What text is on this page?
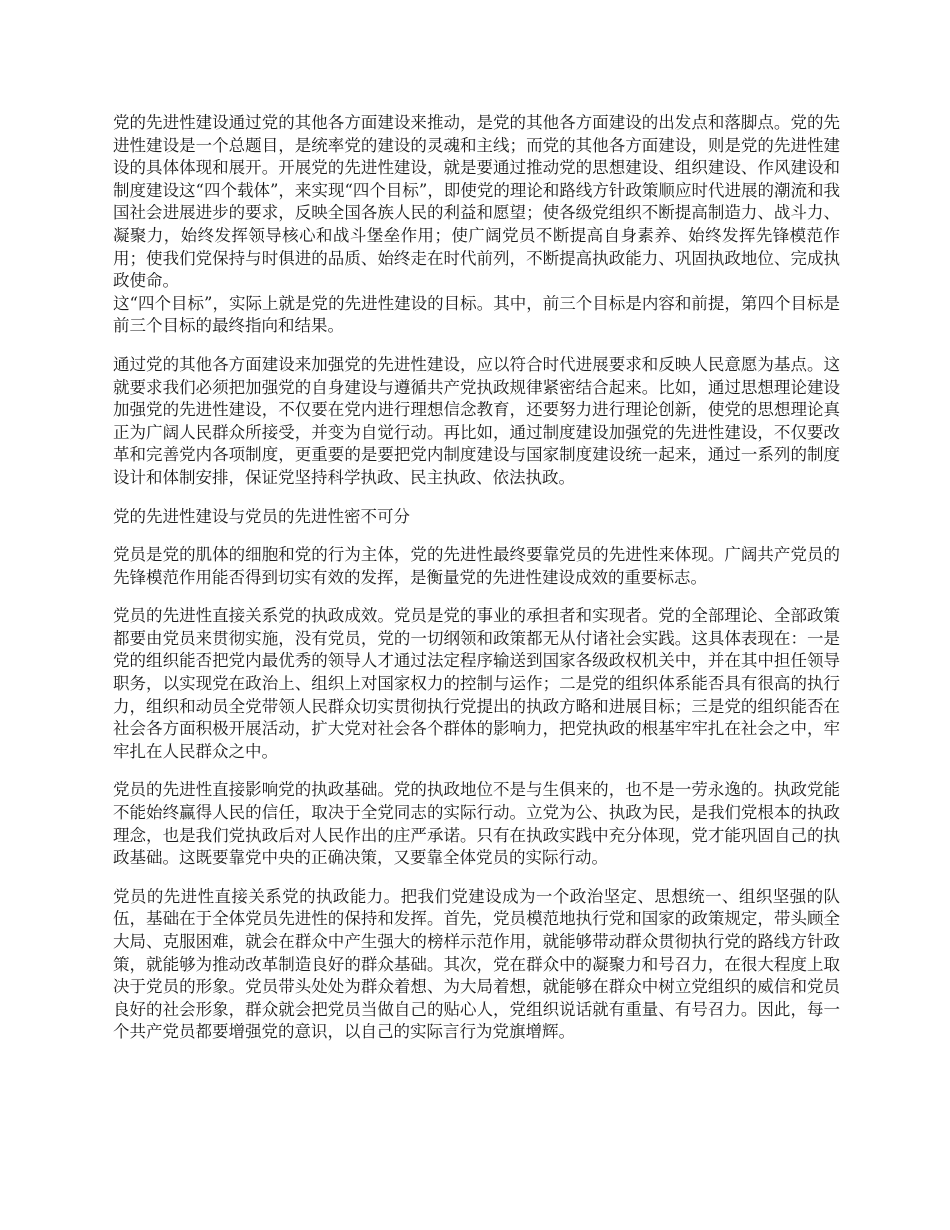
党的先进性建设通过党的其他各方面建设来推动，是党的其他各方面建设的出发点和落脚点。党的先进性建设是一个总题目，是统率党的建设的灵魂和主线；而党的其他各方面建设，则是党的先进性建设的具体体现和展开。开展党的先进性建设，就是要通过推动党的思想建设、组织建设、作风建设和制度建设这“四个载体”，来实现“四个目标”，即使党的理论和路线方针政策顺应时代进展的潮流和我国社会进展进步的要求，反映全国各族人民的利益和愿望；使各级党组织不断提高制造力、战斗力、凝聚力，始终发挥领导核心和战斗堡垒作用；使广阔党员不断提高自身素养、始终发挥先锋模范作用；使我们党保持与时俱进的品质、始终走在时代前列，不断提高执政能力、巩固执政地位、完成执政使命。
这“四个目标”，实际上就是党的先进性建设的目标。其中，前三个目标是内容和前提，第四个目标是前三个目标的最终指向和结果。

通过党的其他各方面建设来加强党的先进性建设，应以符合时代进展要求和反映人民意愿为基点。这就要求我们必须把加强党的自身建设与遵循共产党执政规律紧密结合起来。比如，通过思想理论建设加强党的先进性建设，不仅要在党内进行理想信念教育，还要努力进行理论创新，使党的思想理论真正为广阔人民群众所接受，并变为自觉行动。再比如，通过制度建设加强党的先进性建设，不仅要改革和完善党内各项制度，更重要的是要把党内制度建设与国家制度建设统一起来，通过一系列的制度设计和体制安排，保证党坚持科学执政、民主执政、依法执政。

党的先进性建设与党员的先进性密不可分

党员是党的肌体的细胞和党的行为主体，党的先进性最终要靠党员的先进性来体现。广阔共产党员的先锋模范作用能否得到切实有效的发挥，是衡量党的先进性建设成效的重要标志。

党员的先进性直接关系党的执政成效。党员是党的事业的承担者和实现者。党的全部理论、全部政策都要由党员来贯彻实施，没有党员，党的一切纲领和政策都无从付诸社会实践。这具体表现在：一是党的组织能否把党内最优秀的领导人才通过法定程序输送到国家各级政权机关中，并在其中担任领导职务，以实现党在政治上、组织上对国家权力的控制与运作；二是党的组织体系能否具有很高的执行力，组织和动员全党带领人民群众切实贯彻执行党提出的执政方略和进展目标；三是党的组织能否在社会各方面积极开展活动，扩大党对社会各个群体的影响力，把党执政的根基牢牢扎在社会之中，牢牢扎在人民群众之中。

党员的先进性直接影响党的执政基础。党的执政地位不是与生俱来的，也不是一劳永逸的。执政党能不能始终赢得人民的信任，取决于全党同志的实际行动。立党为公、执政为民，是我们党根本的执政理念，也是我们党执政后对人民作出的庄严承诺。只有在执政实践中充分体现，党才能巩固自己的执政基础。这既要靠党中央的正确决策，又要靠全体党员的实际行动。

党员的先进性直接关系党的执政能力。把我们党建设成为一个政治坚定、思想统一、组织坚强的队伍，基础在于全体党员先进性的保持和发挥。首先，党员模范地执行党和国家的政策规定，带头顾全大局、克服困难，就会在群众中产生强大的榜样示范作用，就能够带动群众贯彻执行党的路线方针政策，就能够为推动改革制造良好的群众基础。其次，党在群众中的凝聚力和号召力，在很大程度上取决于党员的形象。党员带头处处为群众着想、为大局着想，就能够在群众中树立党组织的威信和党员良好的社会形象，群众就会把党员当做自己的贴心人，党组织说话就有重量、有号召力。因此，每一个共产党员都要增强党的意识，以自己的实际言行为党旗增辉。
